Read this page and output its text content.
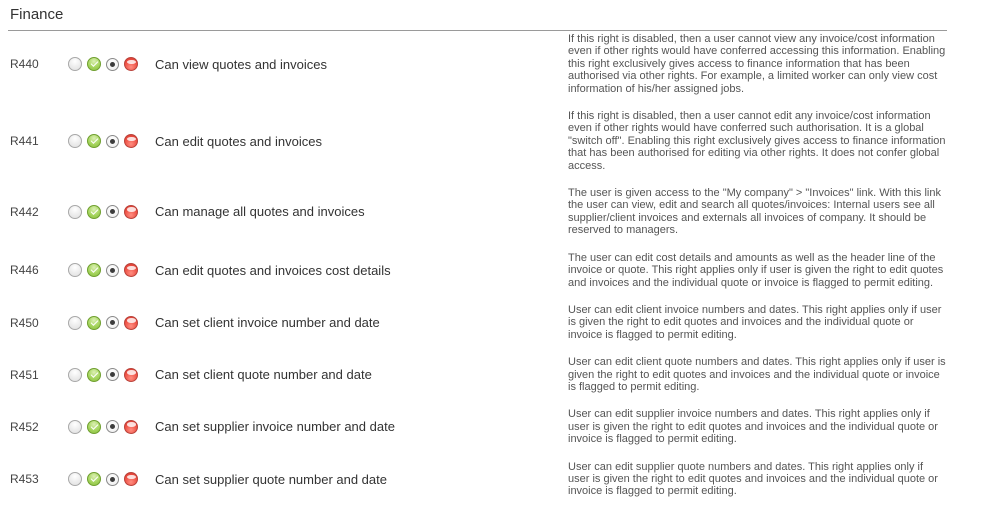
Finance
R440	Can view quotes and invoices
If this right is disabled, then a user cannot view any invoice/cost information even if other rights would have conferred accessing this information. Enabling this right exclusively gives access to finance information that has been authorised via other rights. For example, a limited worker can only view cost information of his/her assigned jobs.
R441	Can edit quotes and invoices
If this right is disabled, then a user cannot edit any invoice/cost information even if other rights would have conferred such authorisation. It is a global "switch off". Enabling this right exclusively gives access to finance information that has been authorised for editing via other rights. It does not confer global access.
R442	Can manage all quotes and invoices
The user is given access to the "My company" > "Invoices" link. With this link the user can view, edit and search all quotes/invoices: Internal users see all supplier/client invoices and externals all invoices of company. It should be reserved to managers.
R446	Can edit quotes and invoices cost details
The user can edit cost details and amounts as well as the header line of the invoice or quote. This right applies only if user is given the right to edit quotes and invoices and the individual quote or invoice is flagged to permit editing.
R450	Can set client invoice number and date
User can edit client invoice numbers and dates. This right applies only if user is given the right to edit quotes and invoices and the individual quote or invoice is flagged to permit editing.
R451	Can set client quote number and date
User can edit client quote numbers and dates. This right applies only if user is given the right to edit quotes and invoices and the individual quote or invoice is flagged to permit editing.
R452	Can set supplier invoice number and date
User can edit supplier invoice numbers and dates. This right applies only if user is given the right to edit quotes and invoices and the individual quote or invoice is flagged to permit editing.
R453	Can set supplier quote number and date
User can edit supplier quote numbers and dates. This right applies only if user is given the right to edit quotes and invoices and the individual quote or invoice is flagged to permit editing.
